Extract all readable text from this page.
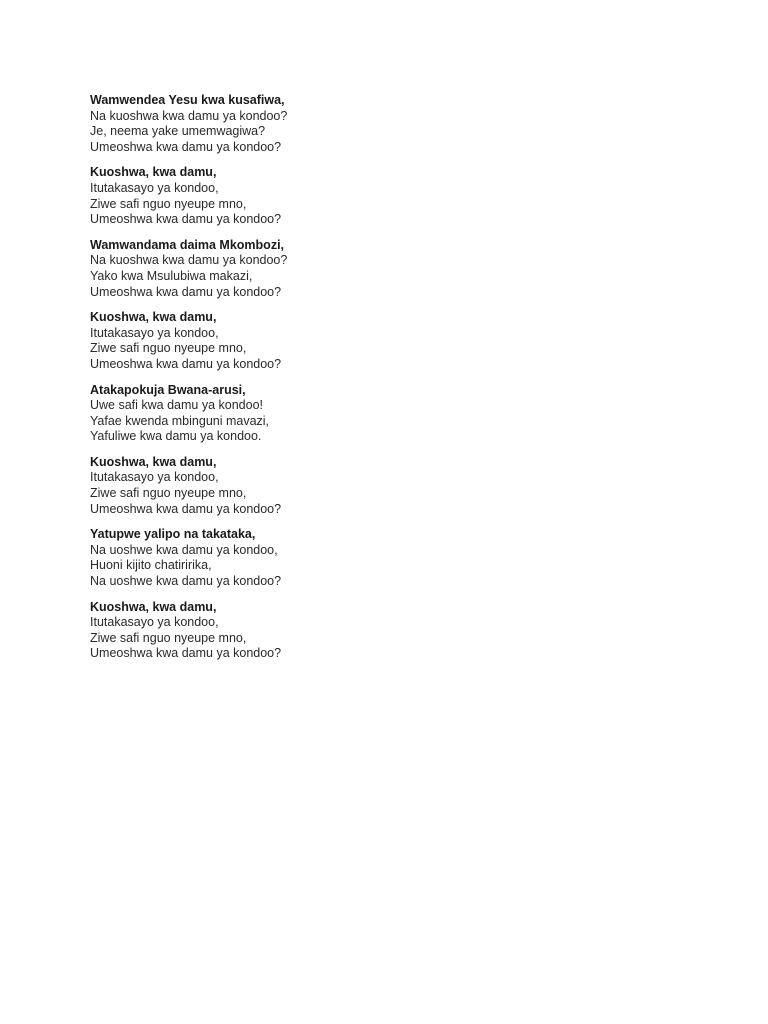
Wamwendea Yesu kwa kusafiwa,
Na kuoshwa kwa damu ya kondoo?
Je, neema yake umemwagiwa?
Umeoshwa kwa damu ya kondoo?
Kuoshwa, kwa damu,
Itutakasayo ya kondoo,
Ziwe safi nguo nyeupe mno,
Umeoshwa kwa damu ya kondoo?
Wamwandama daima Mkombozi,
Na kuoshwa kwa damu ya kondoo?
Yako kwa Msulubiwa makazi,
Umeoshwa kwa damu ya kondoo?
Kuoshwa, kwa damu,
Itutakasayo ya kondoo,
Ziwe safi nguo nyeupe mno,
Umeoshwa kwa damu ya kondoo?
Atakapokuja Bwana-arusi,
Uwe safi kwa damu ya kondoo!
Yafae kwenda mbinguni mavazi,
Yafuliwe kwa damu ya kondoo.
Kuoshwa, kwa damu,
Itutakasayo ya kondoo,
Ziwe safi nguo nyeupe mno,
Umeoshwa kwa damu ya kondoo?
Yatupwe yalipo na takataka,
Na uoshwe kwa damu ya kondoo,
Huoni kijito chatiririka,
Na uoshwe kwa damu ya kondoo?
Kuoshwa, kwa damu,
Itutakasayo ya kondoo,
Ziwe safi nguo nyeupe mno,
Umeoshwa kwa damu ya kondoo?
